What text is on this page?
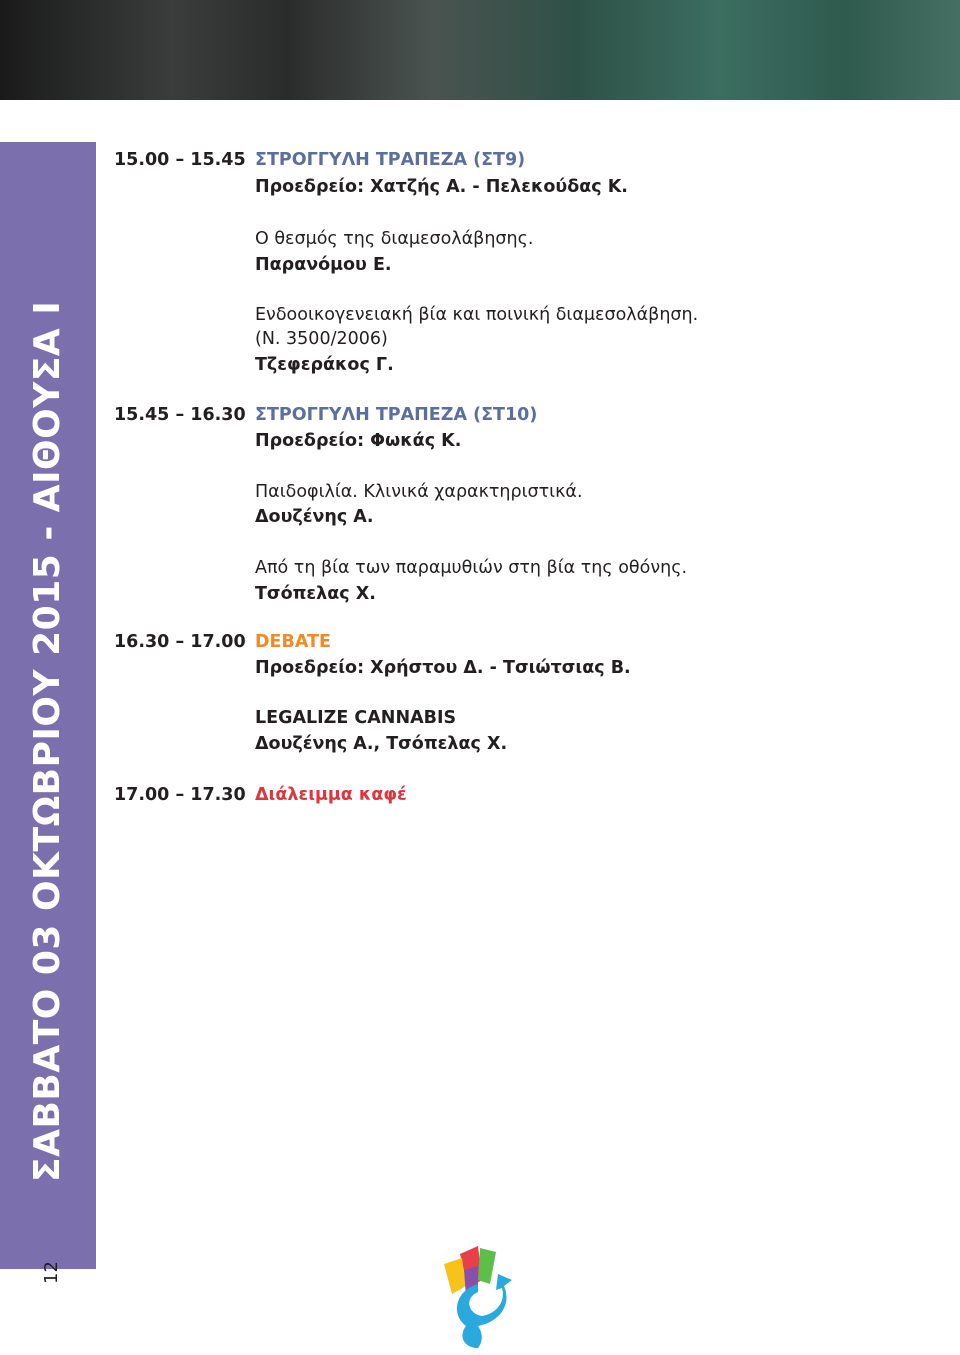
ΣΑΒΒΑΤΟ 03 ΟΚΤΩΒΡΙΟΥ 2015 - ΑΙΘΟΥΣΑ Ι
12
15.00 – 15.45 ΣΤΡΟΓΓΥΛΗ ΤΡΑΠΕΖΑ (ΣΤ9)
Προεδρείο: Χατζής Α. - Πελεκούδας Κ.
Ο θεσμός της διαμεσολάβησης.
Παρανόμου Ε.
Ενδοοικογενειακή βία και ποινική διαμεσολάβηση.
(Ν. 3500/2006)
Τζεφεράκος Γ.
15.45 – 16.30 ΣΤΡΟΓΓΥΛΗ ΤΡΑΠΕΖΑ (ΣΤ10)
Προεδρείο: Φωκάς Κ.
Παιδοφιλία. Κλινικά χαρακτηριστικά.
Δουζένης Α.
Από τη βία των παραμυθιών στη βία της οθόνης.
Τσόπελας Χ.
16.30 – 17.00 DEBATE
Προεδρείο: Χρήστου Δ. - Τσιώτσιας Β.
LEGALIZE CANNABIS
Δουζένης Α., Τσόπελας Χ.
17.00 – 17.30 Διάλειμμα καφέ
